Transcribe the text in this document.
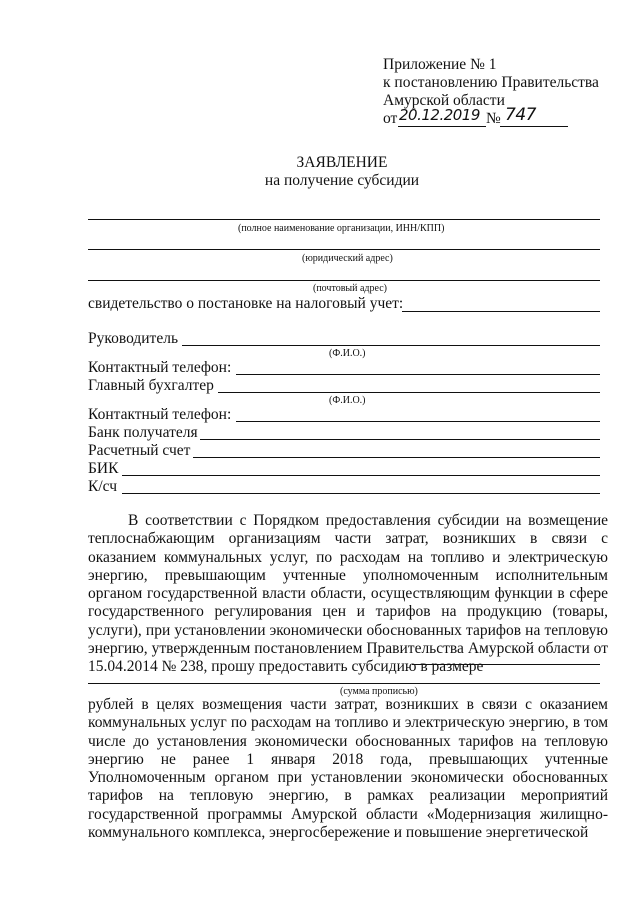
Приложение № 1
к постановлению Правительства
Амурской области
от 20.12.2019 № 747
ЗАЯВЛЕНИЕ
на получение субсидии
(полное наименование организации, ИНН/КПП)
(юридический адрес)
(почтовый адрес)
свидетельство о постановке на налоговый учет:
Руководитель
(Ф.И.О.)
Контактный телефон:
Главный бухгалтер
(Ф.И.О.)
Контактный телефон:
Банк получателя
Расчетный счет
БИК
К/сч
В соответствии с Порядком предоставления субсидии на возмещение теплоснабжающим организациям части затрат, возникших в связи с оказанием коммунальных услуг, по расходам на топливо и электрическую энергию, превышающим учтенные уполномоченным исполнительным органом государственной власти области, осуществляющим функции в сфере государственного регулирования цен и тарифов на продукцию (товары, услуги), при установлении экономически обоснованных тарифов на тепловую энергию, утвержденным постановлением Правительства Амурской области от 15.04.2014 № 238, прошу предоставить субсидию в размере
(сумма прописью)
рублей в целях возмещения части затрат, возникших в связи с оказанием коммунальных услуг по расходам на топливо и электрическую энергию, в том числе до установления экономически обоснованных тарифов на тепловую энергию не ранее 1 января 2018 года, превышающих учтенные Уполномоченным органом при установлении экономически обоснованных тарифов на тепловую энергию, в рамках реализации мероприятий государственной программы Амурской области «Модернизация жилищно-коммунального комплекса, энергосбережение и повышение энергетической
